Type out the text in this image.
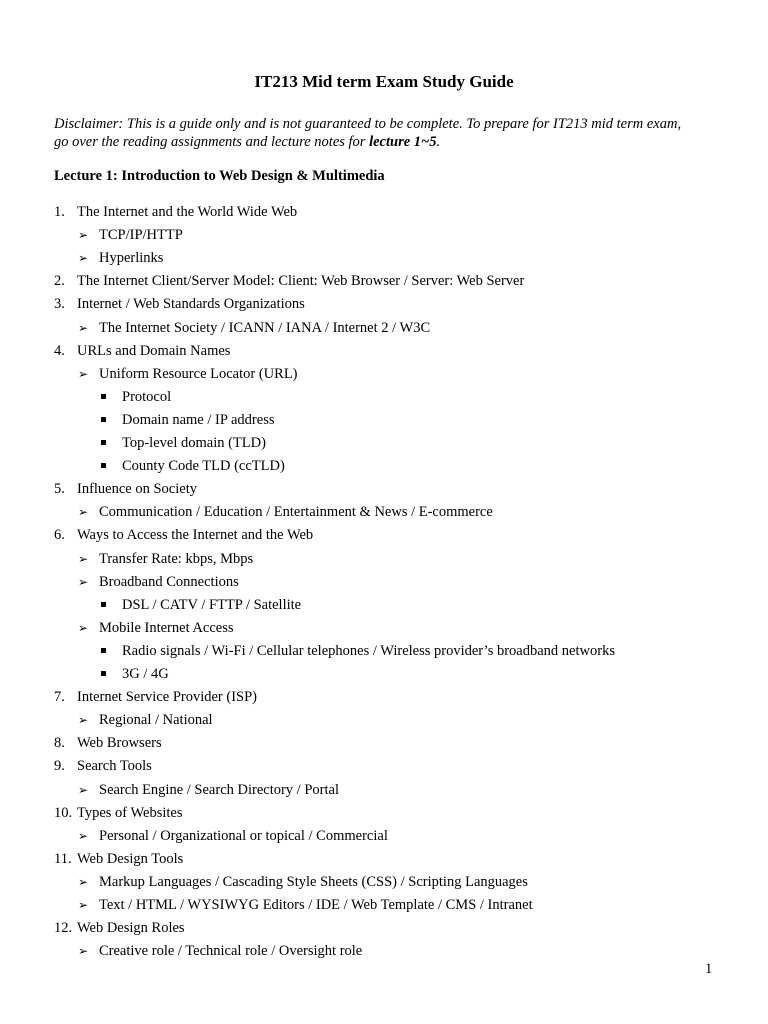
IT213 Mid term Exam Study Guide
Disclaimer: This is a guide only and is not guaranteed to be complete. To prepare for IT213 mid term exam,
go over the reading assignments and lecture notes for lecture 1~5.
Lecture 1: Introduction to Web Design & Multimedia
1. The Internet and the World Wide Web
➢ TCP/IP/HTTP
➢ Hyperlinks
2. The Internet Client/Server Model: Client: Web Browser / Server: Web Server
3. Internet / Web Standards Organizations
➢ The Internet Society / ICANN / IANA / Internet 2 / W3C
4. URLs and Domain Names
➢ Uniform Resource Locator (URL)
Protocol
Domain name / IP address
Top-level domain (TLD)
County Code TLD (ccTLD)
5. Influence on Society
➢ Communication / Education / Entertainment & News / E-commerce
6. Ways to Access the Internet and the Web
➢ Transfer Rate: kbps, Mbps
➢ Broadband Connections
DSL / CATV / FTTP / Satellite
➢ Mobile Internet Access
Radio signals / Wi-Fi / Cellular telephones / Wireless provider’s broadband networks
3G / 4G
7. Internet Service Provider (ISP)
➢ Regional / National
8. Web Browsers
9. Search Tools
➢ Search Engine / Search Directory / Portal
10. Types of Websites
➢ Personal / Organizational or topical / Commercial
11. Web Design Tools
➢ Markup Languages / Cascading Style Sheets (CSS) / Scripting Languages
➢ Text / HTML / WYSIWYG Editors / IDE / Web Template / CMS / Intranet
12. Web Design Roles
➢ Creative role / Technical role / Oversight role
1
